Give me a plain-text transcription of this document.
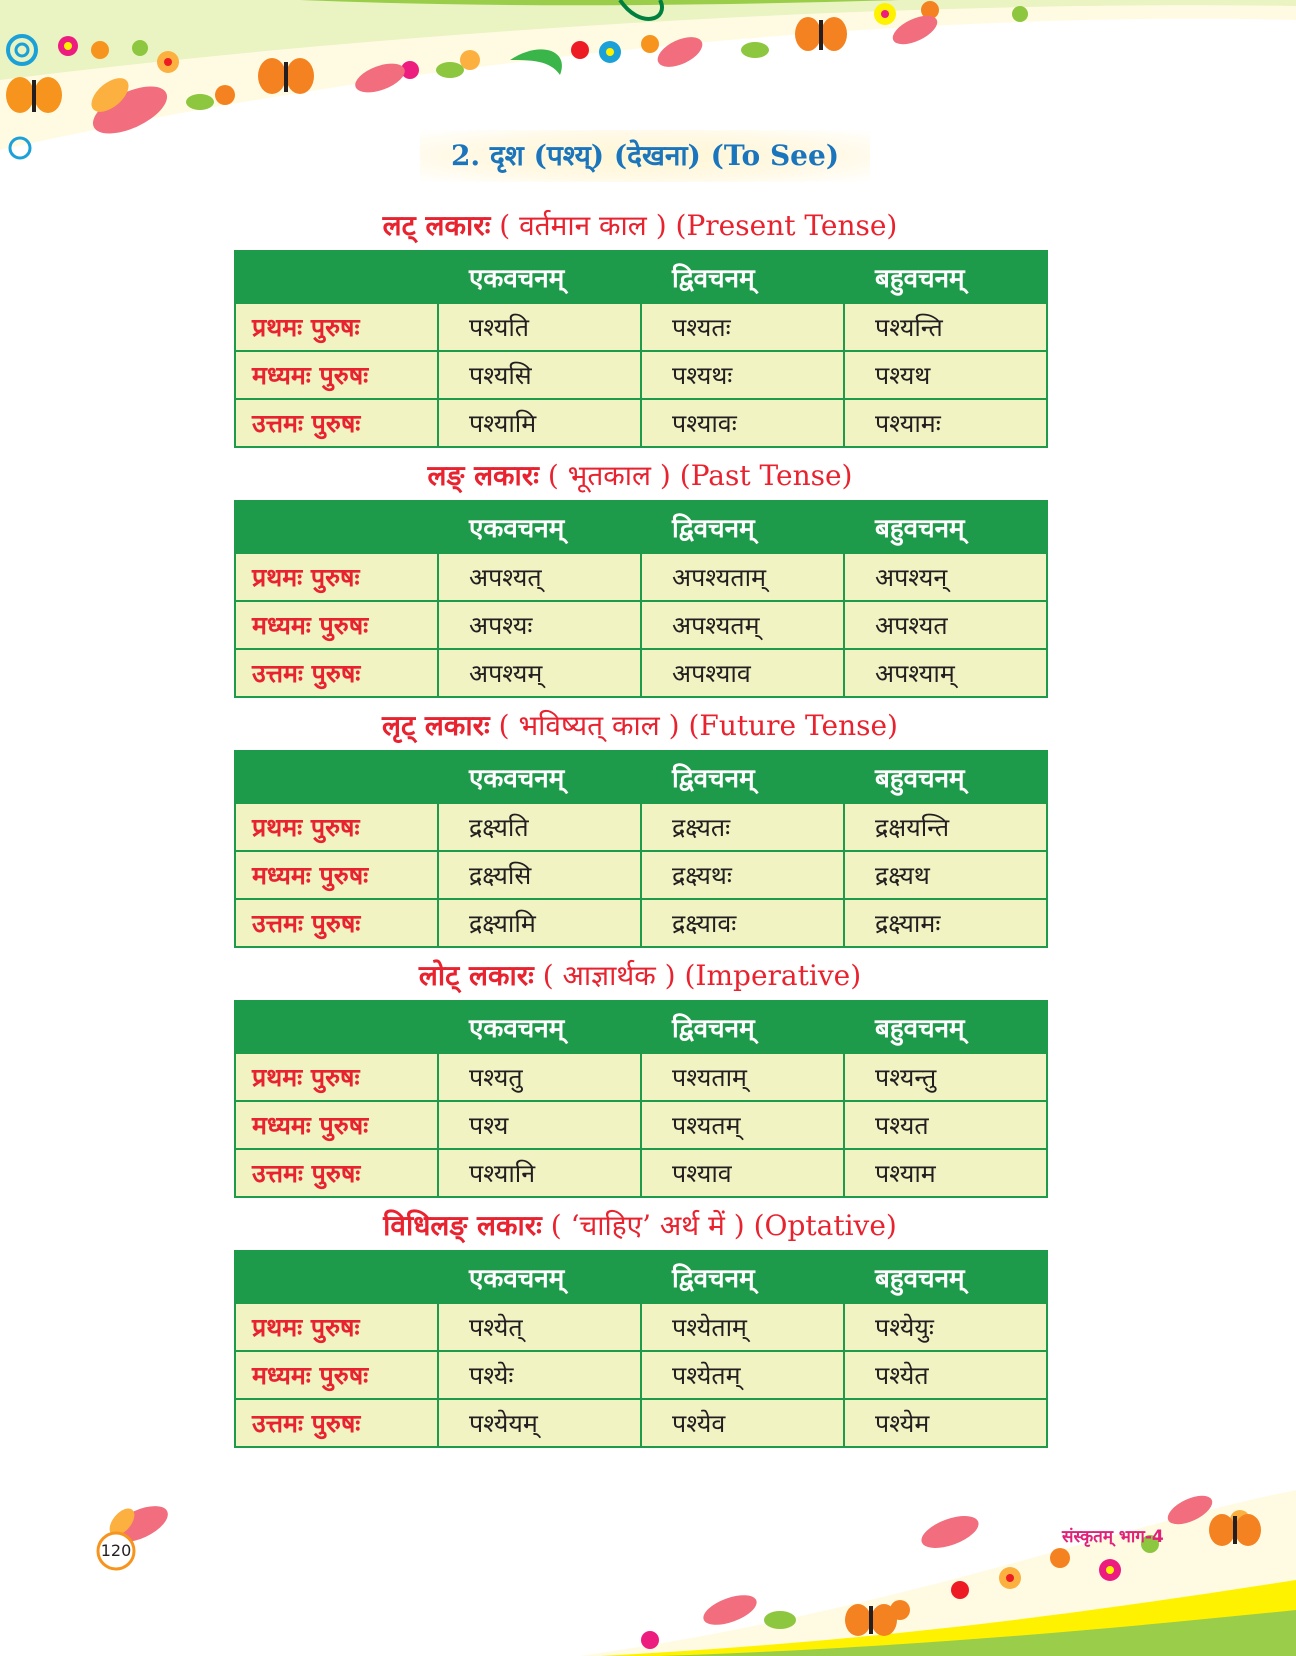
2. दृश (पश्य्) (देखना) (To See)
लट् लकारः ( वर्तमान काल ) (Present Tense)
	एकवचनम्	द्विवचनम्	बहुवचनम्
प्रथमः पुरुषः	पश्यति	पश्यतः	पश्यन्ति
मध्यमः पुरुषः	पश्यसि	पश्यथः	पश्यथ
उत्तमः पुरुषः	पश्यामि	पश्यावः	पश्यामः
लङ् लकारः ( भूतकाल ) (Past Tense)
	एकवचनम्	द्विवचनम्	बहुवचनम्
प्रथमः पुरुषः	अपश्यत्	अपश्यताम्	अपश्यन्
मध्यमः पुरुषः	अपश्यः	अपश्यतम्	अपश्यत
उत्तमः पुरुषः	अपश्यम्	अपश्याव	अपश्याम्
लृट् लकारः ( भविष्यत् काल ) (Future Tense)
	एकवचनम्	द्विवचनम्	बहुवचनम्
प्रथमः पुरुषः	द्रक्ष्यति	द्रक्ष्यतः	द्रक्षयन्ति
मध्यमः पुरुषः	द्रक्ष्यसि	द्रक्ष्यथः	द्रक्ष्यथ
उत्तमः पुरुषः	द्रक्ष्यामि	द्रक्ष्यावः	द्रक्ष्यामः
लोट् लकारः ( आज्ञार्थक ) (Imperative)
	एकवचनम्	द्विवचनम्	बहुवचनम्
प्रथमः पुरुषः	पश्यतु	पश्यताम्	पश्यन्तु
मध्यमः पुरुषः	पश्य	पश्यतम्	पश्यत
उत्तमः पुरुषः	पश्यानि	पश्याव	पश्याम
विधिलङ् लकारः ( ‘चाहिए’ अर्थ में ) (Optative)
	एकवचनम्	द्विवचनम्	बहुवचनम्
प्रथमः पुरुषः	पश्येत्	पश्येताम्	पश्येयुः
मध्यमः पुरुषः	पश्येः	पश्येतम्	पश्येत
उत्तमः पुरुषः	पश्येयम्	पश्येव	पश्येम
संस्कृतम् भाग-4
120
